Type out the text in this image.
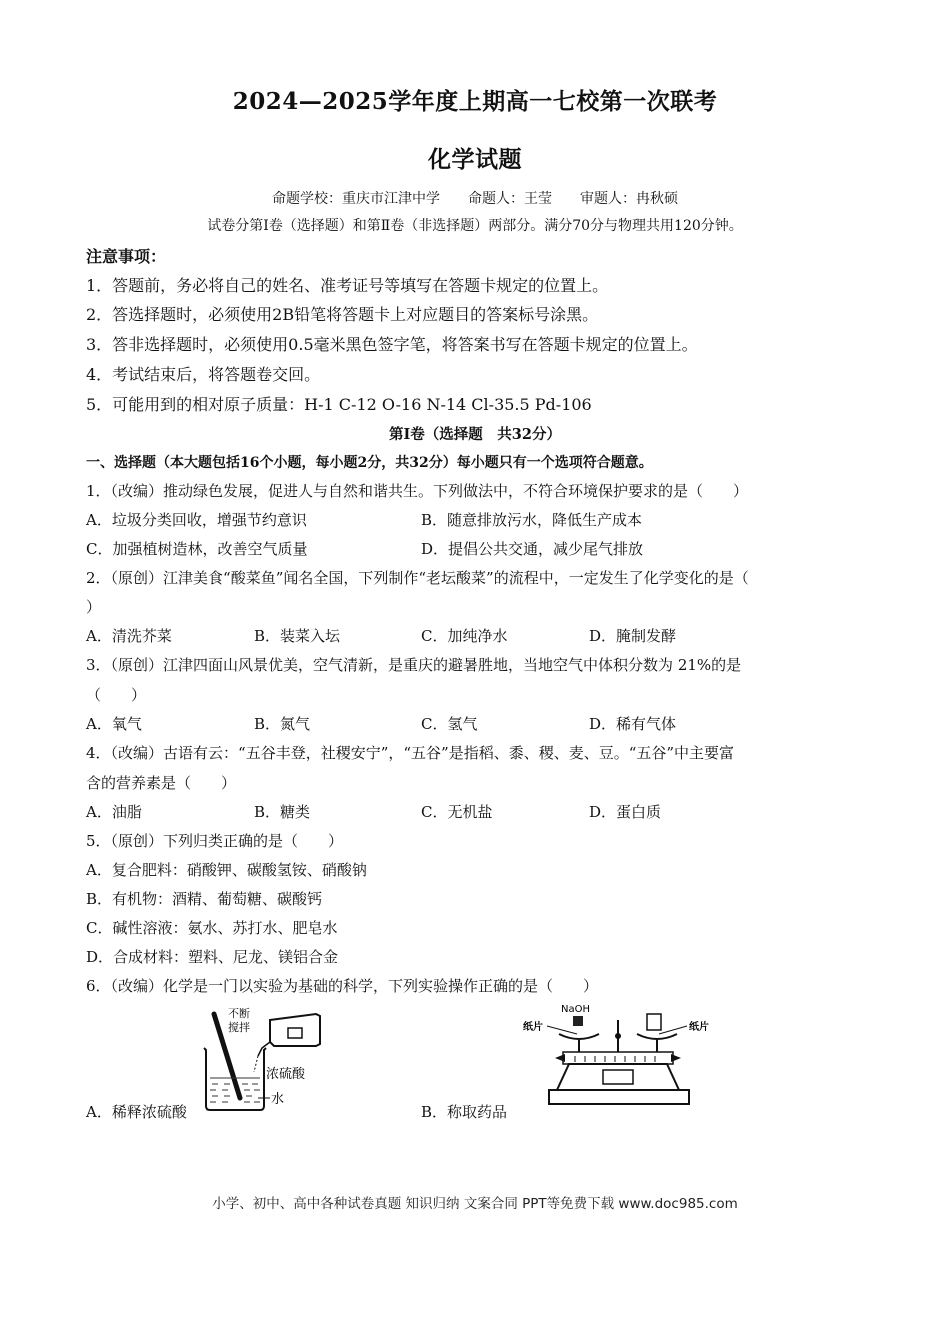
2024—2025学年度上期高一七校第一次联考
化学试题
命题学校：重庆市江津中学　　命题人：王莹　　审题人：冉秋硕
试卷分第Ⅰ卷（选择题）和第Ⅱ卷（非选择题）两部分。满分70分与物理共用120分钟。
注意事项：
1．答题前，务必将自己的姓名、准考证号等填写在答题卡规定的位置上。
2．答选择题时，必须使用2B铅笔将答题卡上对应题目的答案标号涂黑。
3．答非选择题时，必须使用0.5毫米黑色签字笔，将答案书写在答题卡规定的位置上。
4．考试结束后，将答题卷交回。
5．可能用到的相对原子质量：H-1 C-12 O-16 N-14 Cl-35.5 Pd-106
第Ⅰ卷（选择题　共32分）
一、选择题（本大题包括16个小题，每小题2分，共32分）每小题只有一个选项符合题意。
1．（改编）推动绿色发展，促进人与自然和谐共生。下列做法中，不符合环境保护要求的是（　　）
A．垃圾分类回收，增强节约意识	B．随意排放污水，降低生产成本
C．加强植树造林，改善空气质量	D．提倡公共交通，减少尾气排放
2．（原创）江津美食“酸菜鱼”闻名全国，下列制作“老坛酸菜”的流程中，一定发生了化学变化的是（
）
A．清洗芥菜	B．装菜入坛	C．加纯净水	D．腌制发酵
3．（原创）江津四面山风景优美，空气清新，是重庆的避暑胜地，当地空气中体积分数为 21%的是
（　　）
A．氧气	B．氮气	C．氢气	D．稀有气体
4．（改编）古语有云：“五谷丰登，社稷安宁”，“五谷”是指稻、黍、稷、麦、豆。“五谷”中主要富
含的营养素是（　　）
A．油脂	B．糖类	C．无机盐	D．蛋白质
5．（原创）下列归类正确的是（　　）
A．复合肥料：硝酸钾、碳酸氢铵、硝酸钠
B．有机物：酒精、葡萄糖、碳酸钙
C．碱性溶液：氨水、苏打水、肥皂水
D．合成材料：塑料、尼龙、镁铝合金
6．（改编）化学是一门以实验为基础的科学，下列实验操作正确的是（　　）
不断
搅拌
浓硫酸
水
A．稀释浓硫酸
NaOH
纸片	纸片
B．称取药品
小学、初中、高中各种试卷真题 知识归纳 文案合同 PPT等免费下载 www.doc985.com
